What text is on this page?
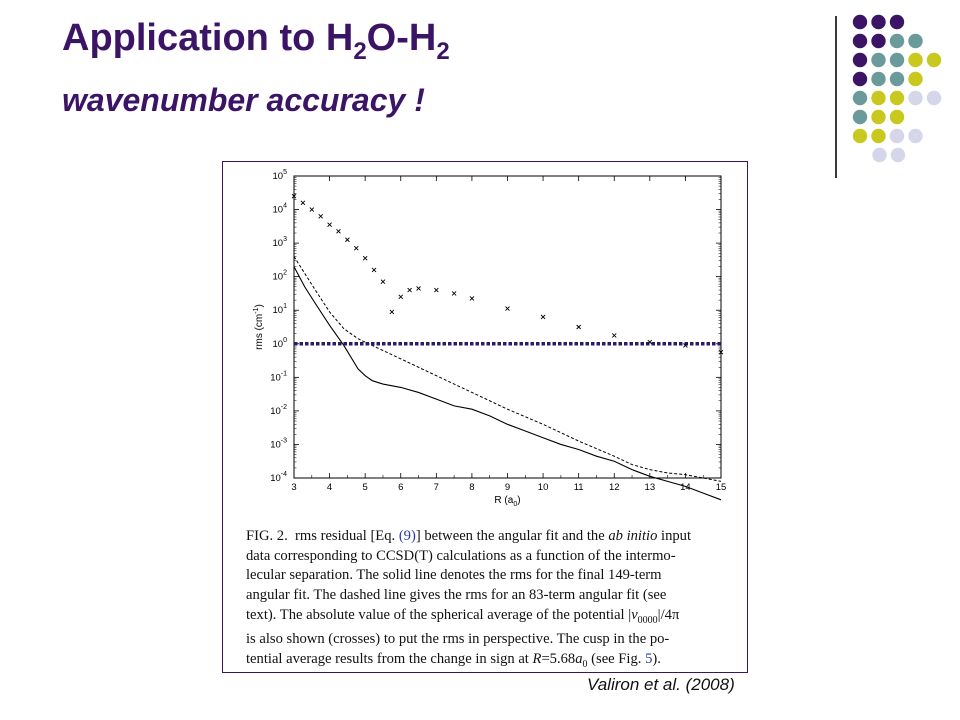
Application to $H_2O-H_2$
wavenumber accuracy !
3	4	5	6	7	8	9	10	11	12	13	14	15
$10^5$
$10^4$
$10^3$
$10^2$
$10^1$
$10^0$
$10^{-1}$
$10^{-2}$
$10^{-3}$
$10^{-4}$
R $(a_0)$
rms $(cm^{-1})$
FIG. 2.  rms residual [Eq. (9)] between the angular fit and the ab initio input
data corresponding to CCSD(T) calculations as a function of the intermo-
lecular separation. The solid line denotes the rms for the final 149-term
angular fit. The dashed line gives the rms for an 83-term angular fit (see
text). The absolute value of the spherical average of the potential $|v_{0000}|/4\pi$
is also shown (crosses) to put the rms in perspective. The cusp in the po-
tential average results from the change in sign at $R=5.68a_0$ (see Fig. 5).
Valiron et al. (2008)
